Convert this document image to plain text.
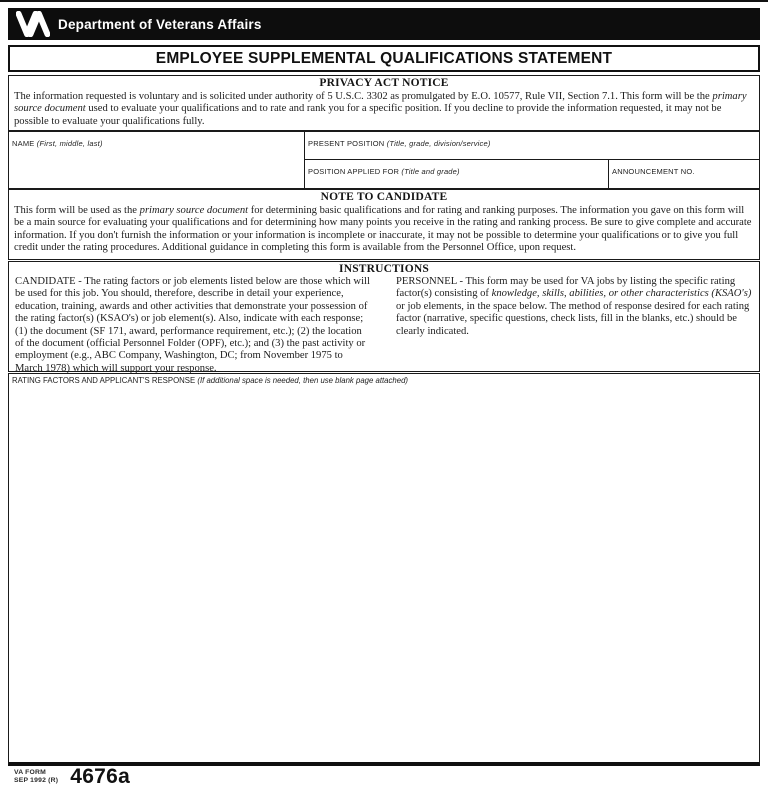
Department of Veterans Affairs
EMPLOYEE SUPPLEMENTAL QUALIFICATIONS STATEMENT
PRIVACY ACT NOTICE

The information requested is voluntary and is solicited under authority of 5 U.S.C. 3302 as promulgated by E.O. 10577, Rule VII, Section 7.1. This form will be the primary source document used to evaluate your qualifications and to rate and rank you for a specific position. If you decline to provide the information requested, it may not be possible to evaluate your qualifications fully.

NAME (First, middle, last)	PRESENT POSITION (Title, grade, division/service)
POSITION APPLIED FOR (Title and grade)	ANNOUNCEMENT NO.
NOTE TO CANDIDATE

This form will be used as the primary source document for determining basic qualifications and for rating and ranking purposes. The information you gave on this form will be a main source for evaluating your qualifications and for determining how many points you receive in the rating and ranking process. Be sure to give complete and accurate information. If you don't furnish the information or your information is incomplete or inaccurate, it may not be possible to determine your qualifications or to give you full credit under the rating procedures. Additional guidance in completing this form is available from the Personnel Office, upon request.

INSTRUCTIONS
CANDIDATE - The rating factors or job elements listed below are those which will be used for this job. You should, therefore, describe in detail your experience, education, training, awards and other activities that demonstrate your possession of the rating factor(s) (KSAO's) or job element(s). Also, indicate with each response; (1) the document (SF 171, award, performance requirement, etc.); (2) the location of the document (official Personnel Folder (OPF), etc.); and (3) the past activity or employment (e.g., ABC Company, Washington, DC; from November 1975 to March 1978) which will support your response.
PERSONNEL - This form may be used for VA jobs by listing the specific rating factor(s) consisting of knowledge, skills, abilities, or other characteristics (KSAO's) or job elements, in the space below. The method of response desired for each rating factor (narrative, specific questions, check lists, fill in the blanks, etc.) should be clearly indicated.
RATING FACTORS AND APPLICANT'S RESPONSE (If additional space is needed, then use blank page attached)
VA FORM
SEP 1992 (R) 4676a
